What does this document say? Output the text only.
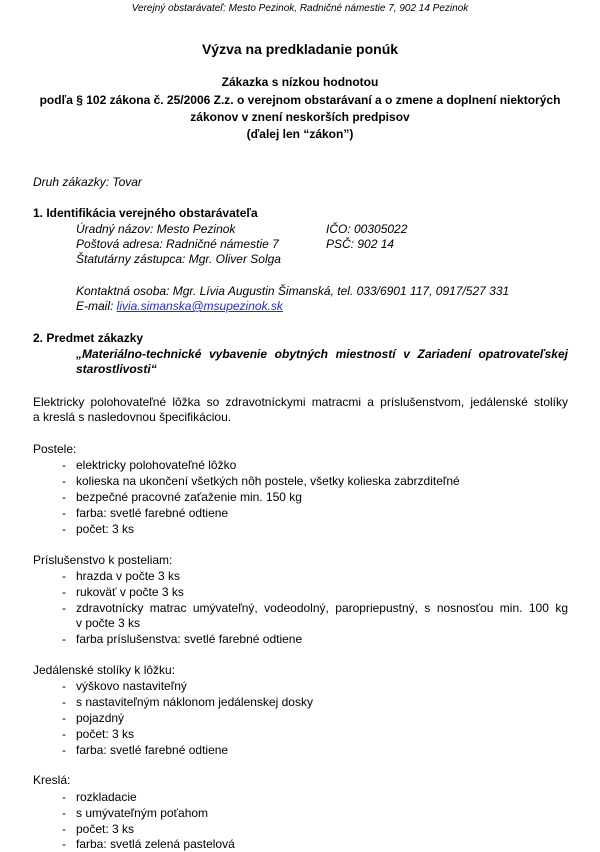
Verejný obstarávateľ: Mesto Pezinok, Radničné námestie 7, 902 14 Pezinok
Výzva na predkladanie ponúk
Zákazka s nízkou hodnotou
podľa § 102 zákona č. 25/2006 Z.z. o verejnom obstarávaní a o zmene a doplnení niektorých
zákonov v znení neskorších predpisov
(ďalej len “zákon”)
Druh zákazky: Tovar
1. Identifikácia verejného obstarávateľa
Úradný názov: Mesto Pezinok	IČO: 00305022
Poštová adresa: Radničné námestie 7	PSČ: 902 14
Štatutárny zástupca: Mgr. Oliver Solga
Kontaktná osoba: Mgr. Lívia Augustin Šimanská, tel. 033/6901 117, 0917/527 331
E-mail: livia.simanska@msupezinok.sk
2. Predmet zákazky
„Materiálno-technické vybavenie obytných miestností v Zariadení opatrovateľskej
starostlivosti“
Elektricky polohovateľné lôžka so zdravotníckymi matracmi a príslušenstvom, jedálenské stolíky
a kreslá s nasledovnou špecifikáciou.
Postele:
- elektricky polohovateľné lôžko
- kolieska na ukončení všetkých nôh postele, všetky kolieska zabrzditeľné
- bezpečné pracovné zaťaženie min. 150 kg
- farba: svetlé farebné odtiene
- počet: 3 ks
Príslušenstvo k posteliam:
- hrazda v počte 3 ks
- rukoväť v počte 3 ks
- zdravotnícky matrac umývateľný, vodeodolný, paropriepustný, s nosnosťou min. 100 kg
v počte 3 ks
- farba príslušenstva: svetlé farebné odtiene
Jedálenské stolíky k lôžku:
- výškovo nastaviteľný
- s nastaviteľným náklonom jedálenskej dosky
- pojazdný
- počet: 3 ks
- farba: svetlé farebné odtiene
Kreslá:
- rozkladacie
- s umývateľným poťahom
- počet: 3 ks
- farba: svetlá zelená pastelová
